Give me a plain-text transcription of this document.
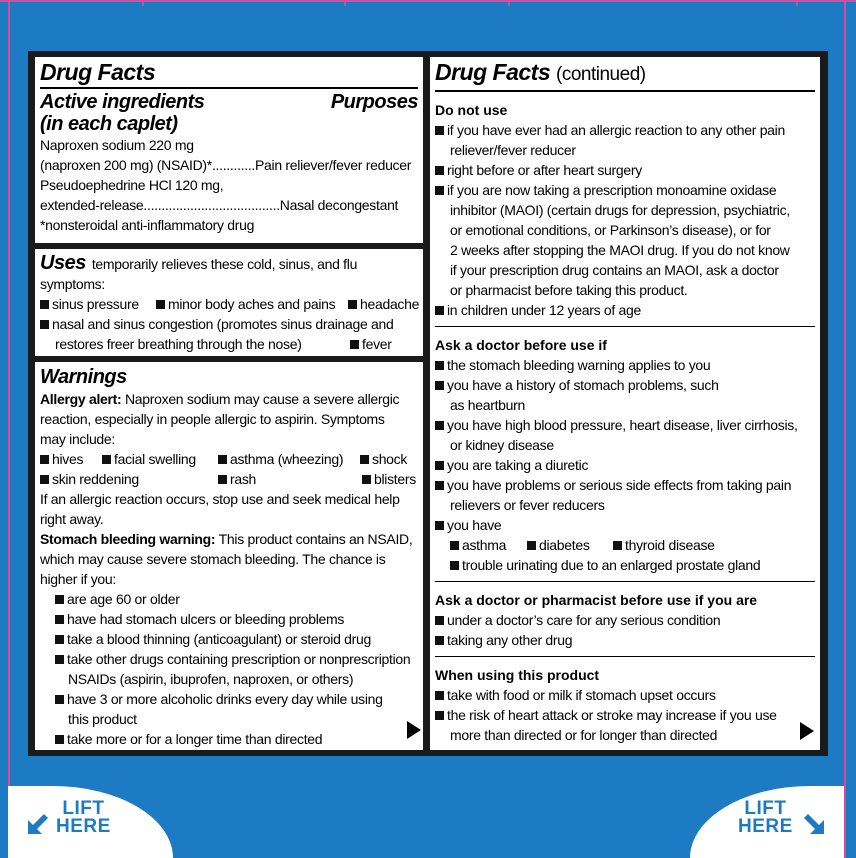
Drug Facts
Active ingredients
(in each caplet)
Purposes
Naproxen sodium 220 mg
(naproxen 200 mg) (NSAID)*............Pain reliever/fever reducer
Pseudoephedrine HCl 120 mg,
extended-release......................................Nasal decongestant
*nonsteroidal anti-inflammatory drug
Uses temporarily relieves these cold, sinus, and flu
symptoms:
sinus pressure	minor body aches and pains	headache
nasal and sinus congestion (promotes sinus drainage and
restores freer breathing through the nose)	fever
Warnings
Allergy alert: Naproxen sodium may cause a severe allergic
reaction, especially in people allergic to aspirin. Symptoms
may include:
hives	facial swelling	asthma (wheezing)	shock
skin reddening	rash	blisters
If an allergic reaction occurs, stop use and seek medical help
right away.
Stomach bleeding warning: This product contains an NSAID,
which may cause severe stomach bleeding. The chance is
higher if you:
are age 60 or older
have had stomach ulcers or bleeding problems
take a blood thinning (anticoagulant) or steroid drug
take other drugs containing prescription or nonprescription
NSAIDs (aspirin, ibuprofen, naproxen, or others)
have 3 or more alcoholic drinks every day while using
this product
take more or for a longer time than directed
Drug Facts (continued)
Do not use
if you have ever had an allergic reaction to any other pain
reliever/fever reducer
right before or after heart surgery
if you are now taking a prescription monoamine oxidase
inhibitor (MAOI) (certain drugs for depression, psychiatric,
or emotional conditions, or Parkinson’s disease), or for
2 weeks after stopping the MAOI drug. If you do not know
if your prescription drug contains an MAOI, ask a doctor
or pharmacist before taking this product.
in children under 12 years of age
Ask a doctor before use if
the stomach bleeding warning applies to you
you have a history of stomach problems, such
as heartburn
you have high blood pressure, heart disease, liver cirrhosis,
or kidney disease
you are taking a diuretic
you have problems or serious side effects from taking pain
relievers or fever reducers
you have
asthma	diabetes	thyroid disease
trouble urinating due to an enlarged prostate gland
Ask a doctor or pharmacist before use if you are
under a doctor’s care for any serious condition
taking any other drug
When using this product
take with food or milk if stomach upset occurs
the risk of heart attack or stroke may increase if you use
more than directed or for longer than directed
LIFT
HERE
LIFT
HERE
